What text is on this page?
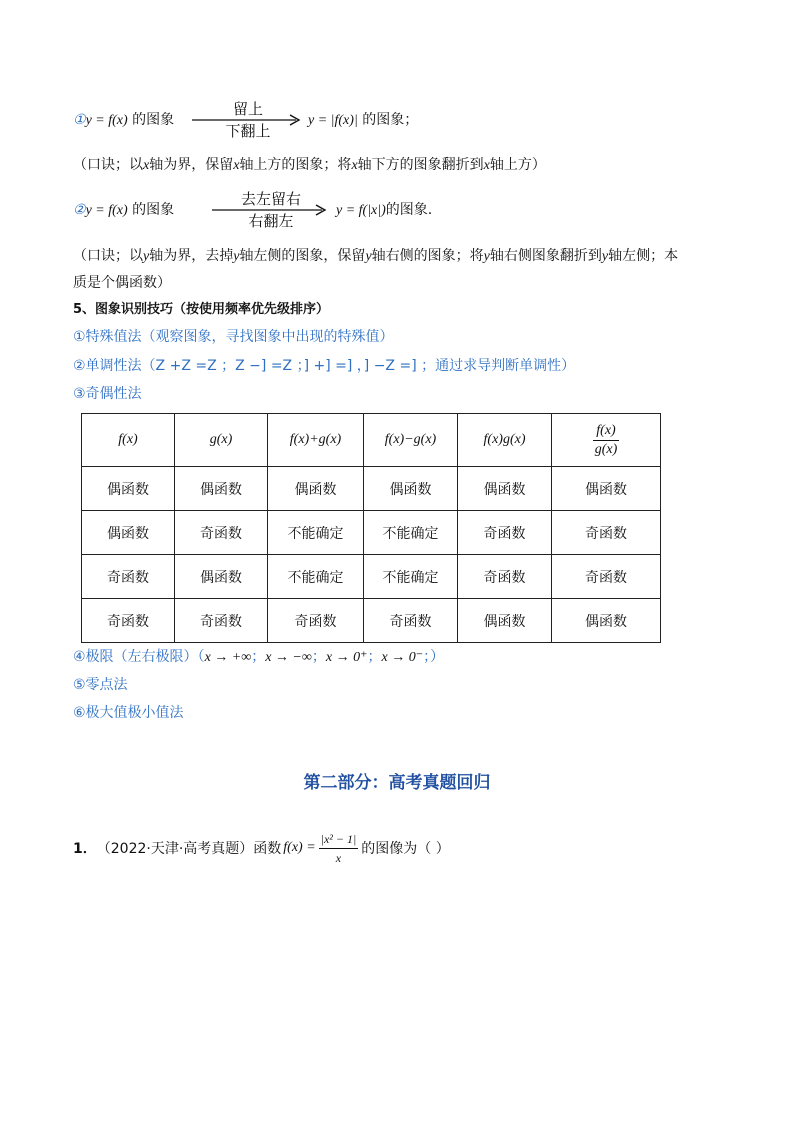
①y = f(x) 的图象
留上
下翻上
y = |f(x)| 的图象；
（口诀；以x轴为界，保留x轴上方的图象；将x轴下方的图象翻折到x轴上方）
②y = f(x) 的图象
去左留右
右翻左
y = f(|x|)的图象.
（口诀；以y轴为界，去掉y轴左侧的图象，保留y轴右侧的图象；将y轴右侧图象翻折到y轴左侧；本
质是个偶函数）
5、图象识别技巧（按使用频率优先级排序）
①特殊值法（观察图象，寻找图象中出现的特殊值）
②单调性法（Z +Z =Z ；Z −] =Z ；] +] =] ，] −Z =] ；通过求导判断单调性）
③奇偶性法
f(x)	g(x)	f(x)+g(x)	f(x)−g(x)	f(x)g(x)	$\frac{f(x)}{g(x)}$

偶函数	偶函数	偶函数	偶函数	偶函数	偶函数
偶函数	奇函数	不能确定	不能确定	奇函数	奇函数
奇函数	偶函数	不能确定	不能确定	奇函数	奇函数
奇函数	奇函数	奇函数	奇函数	偶函数	偶函数
④极限（左右极限）（x → +∞；x → −∞；x → 0⁺；x → 0⁻；）
⑤零点法
⑥极大值极小值法
第二部分：高考真题回归
1． （2022·天津·高考真题）函数 $f(x) = \frac{\text{|x² − 1|}}{x}$ 的图像为（ ）
